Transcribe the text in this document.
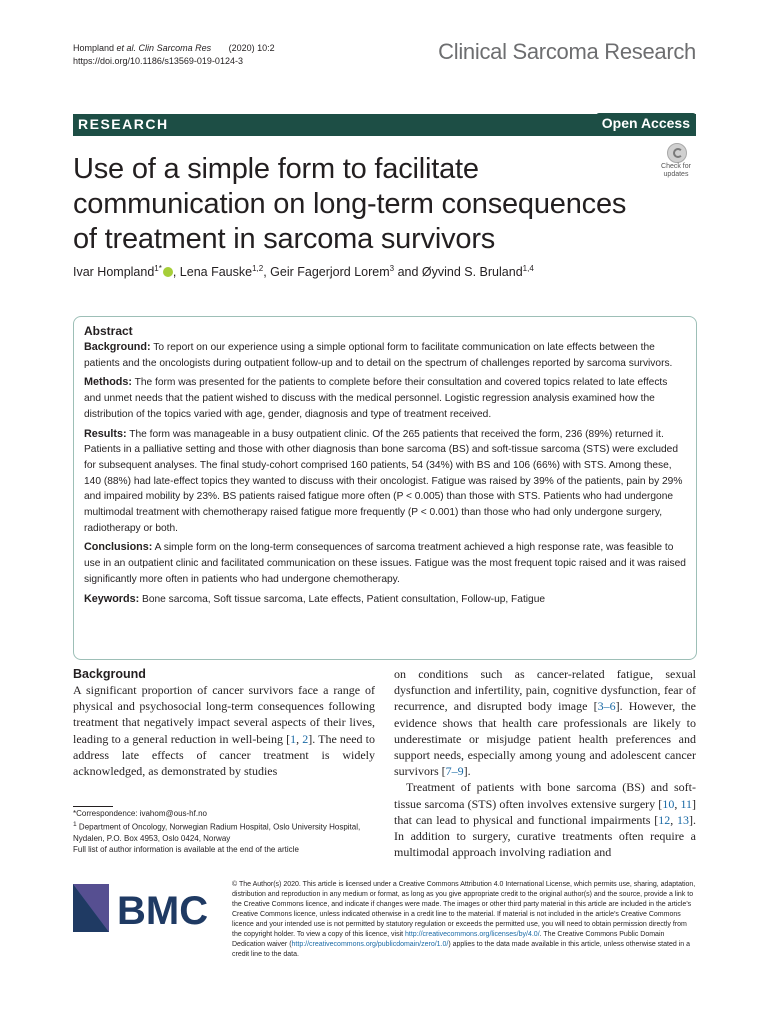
Hompland et al. Clin Sarcoma Res (2020) 10:2
https://doi.org/10.1186/s13569-019-0124-3	Clinical Sarcoma Research
RESEARCH	Open Access
Check for
updates
Use of a simple form to facilitate communication on long-term consequences of treatment in sarcoma survivors
Ivar Hompland$^{1*}$ , Lena Fauske$^{1,2}$, Geir Fagerjord Lorem$^3$ and Øyvind S. Bruland$^{1,4}$
Abstract

Background: To report on our experience using a simple optional form to facilitate communication on late effects between the patients and the oncologists during outpatient follow-up and to detail on the spectrum of challenges reported by sarcoma survivors.

Methods: The form was presented for the patients to complete before their consultation and covered topics related to late effects and unmet needs that the patient wished to discuss with the medical personnel. Logistic regression analysis examined how the distribution of the topics varied with age, gender, diagnosis and type of treatment received.

Results: The form was manageable in a busy outpatient clinic. Of the 265 patients that received the form, 236 (89%) returned it. Patients in a palliative setting and those with other diagnosis than bone sarcoma (BS) and soft-tissue sarcoma (STS) were excluded for subsequent analyses. The final study-cohort comprised 160 patients, 54 (34%) with BS and 106 (66%) with STS. Among these, 140 (88%) had late-effect topics they wanted to discuss with their oncologist. Fatigue was raised by 39% of the patients, pain by 29% and impaired mobility by 23%. BS patients raised fatigue more often (P < 0.005) than those with STS. Patients who had undergone multimodal treatment with chemotherapy raised fatigue more frequently (P < 0.001) than those who had only undergone surgery, radiotherapy or both.

Conclusions: A simple form on the long-term consequences of sarcoma treatment achieved a high response rate, was feasible to use in an outpatient clinic and facilitated communication on these issues. Fatigue was the most frequent topic raised and it was raised significantly more often in patients who had undergone chemotherapy.

Keywords: Bone sarcoma, Soft tissue sarcoma, Late effects, Patient consultation, Follow-up, Fatigue

Background
A significant proportion of cancer survivors face a range of physical and psychosocial long-term consequences following treatment that negatively impact several aspects of their lives, leading to a general reduction in well-being [1, 2]. The need to address late effects of cancer treatment is widely acknowledged, as demonstrated by studies
on conditions such as cancer-related fatigue, sexual dysfunction and infertility, pain, cognitive dysfunction, fear of recurrence, and disrupted body image [3–6]. However, the evidence shows that health care professionals are likely to underestimate or misjudge patient health preferences and support needs, especially among young and adolescent cancer survivors [7–9].
Treatment of patients with bone sarcoma (BS) and soft-tissue sarcoma (STS) often involves extensive surgery [10, 11] that can lead to physical and functional impairments [12, 13]. In addition to surgery, curative treatments often require a multimodal approach involving radiation and
*Correspondence: ivahom@ous-hf.no
$^1$ Department of Oncology, Norwegian Radium Hospital, Oslo University Hospital, Nydalen, P.O. Box 4953, Oslo 0424, Norway
Full list of author information is available at the end of the article
BMC
© The Author(s) 2020. This article is licensed under a Creative Commons Attribution 4.0 International License, which permits use, sharing, adaptation, distribution and reproduction in any medium or format, as long as you give appropriate credit to the original author(s) and the source, provide a link to the Creative Commons licence, and indicate if changes were made. The images or other third party material in this article are included in the article's Creative Commons licence, unless indicated otherwise in a credit line to the material. If material is not included in the article's Creative Commons licence and your intended use is not permitted by statutory regulation or exceeds the permitted use, you will need to obtain permission directly from the copyright holder. To view a copy of this licence, visit http://creativecommons.org/licenses/by/4.0/. The Creative Commons Public Domain Dedication waiver (http://creativecommons.org/publicdomain/zero/1.0/) applies to the data made available in this article, unless otherwise stated in a credit line to the data.
